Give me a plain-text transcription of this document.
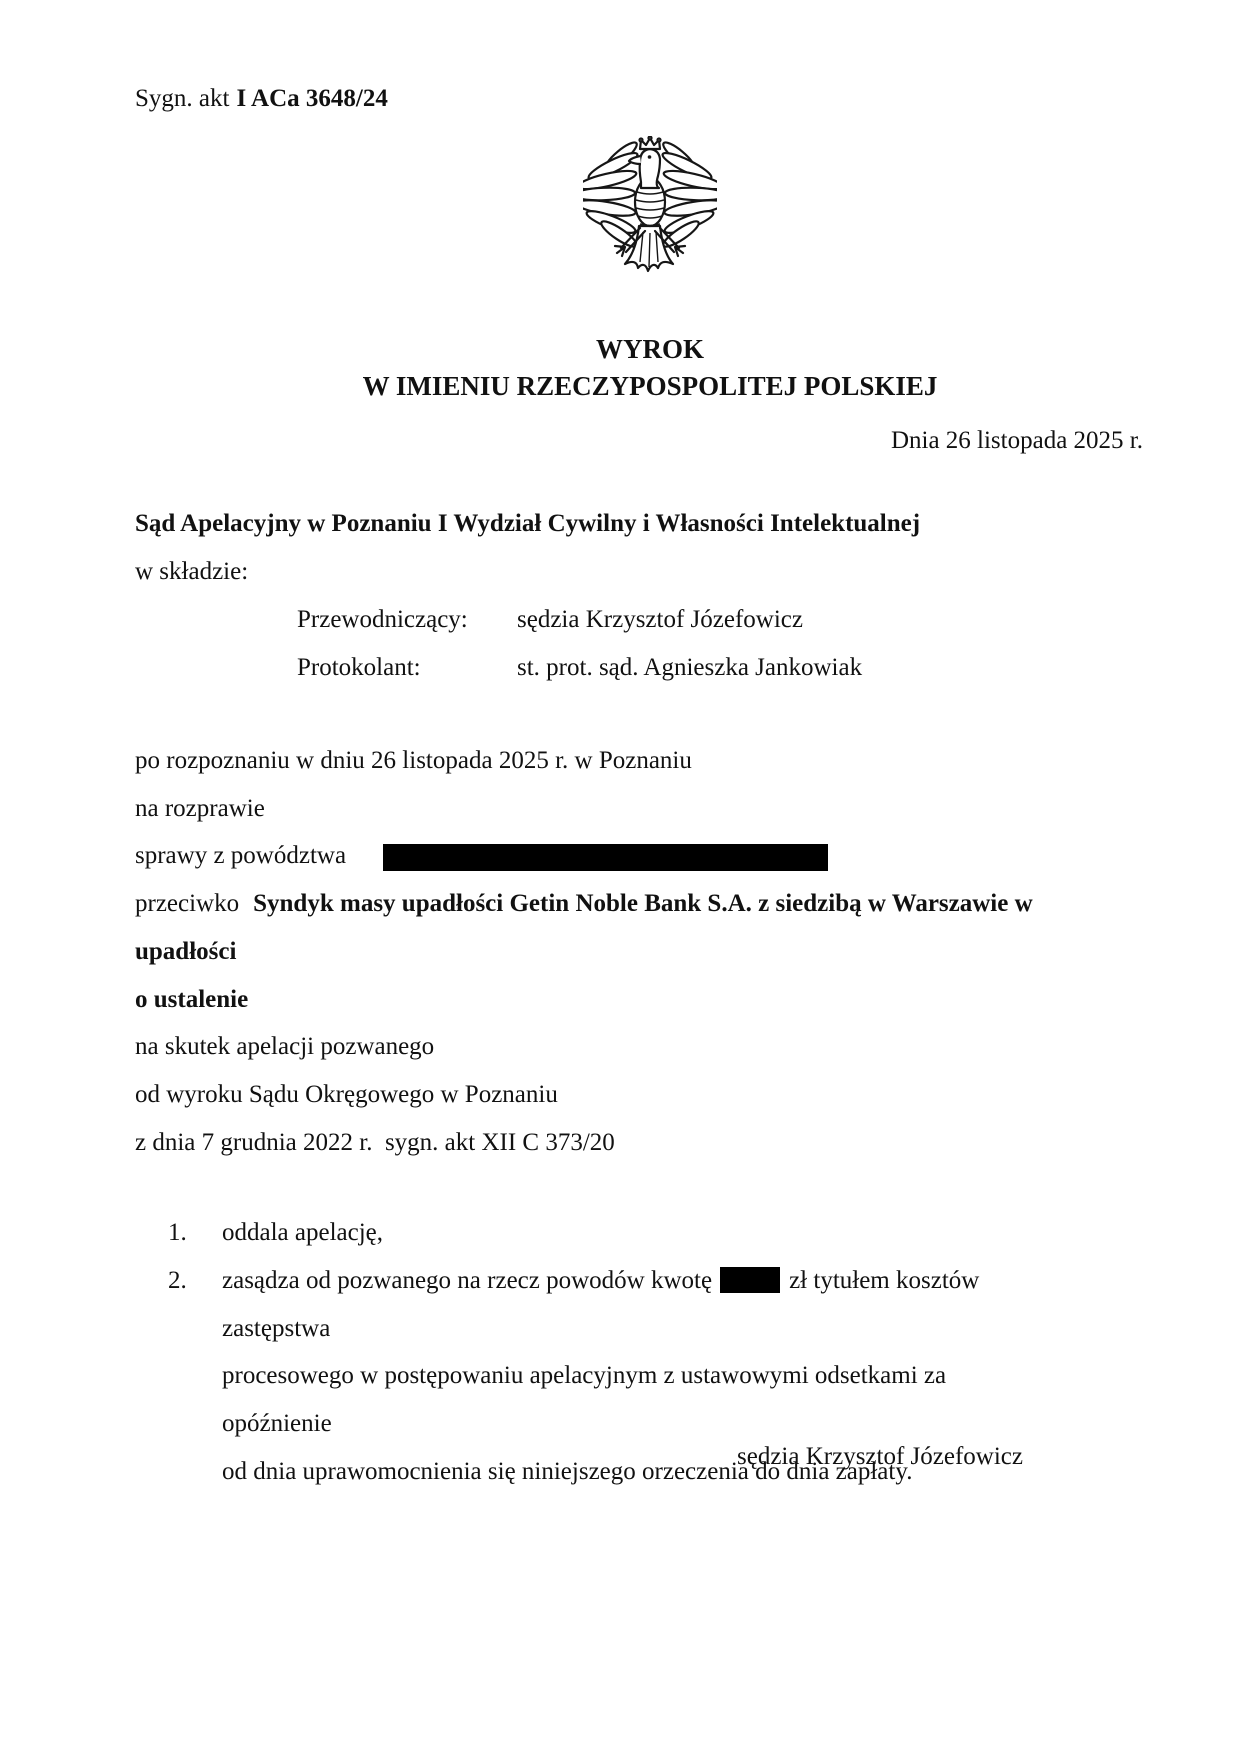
Sygn. akt I ACa 3648/24
WYROK
W IMIENIU RZECZYPOSPOLITEJ POLSKIEJ
Dnia 26 listopada 2025 r.
Sąd Apelacyjny w Poznaniu I Wydział Cywilny i Własności Intelektualnej
w składzie:
Przewodniczący: sędzia Krzysztof Józefowicz
Protokolant:	st. prot. sąd. Agnieszka Jankowiak
po rozpoznaniu w dniu 26 listopada 2025 r. w Poznaniu
na rozprawie
sprawy z powództwa
przeciwko Syndyk masy upadłości Getin Noble Bank S.A. z siedzibą w Warszawie w
upadłości
o ustalenie
na skutek apelacji pozwanego
od wyroku Sądu Okręgowego w Poznaniu
z dnia 7 grudnia 2022 r.  sygn. akt XII C 373/20
1. oddala apelację,
2. zasądza od pozwanego na rzecz powodów kwotę	zł tytułem kosztów zastępstwa
procesowego w postępowaniu apelacyjnym z ustawowymi odsetkami za opóźnienie
od dnia uprawomocnienia się niniejszego orzeczenia do dnia zapłaty.
sędzia Krzysztof Józefowicz
